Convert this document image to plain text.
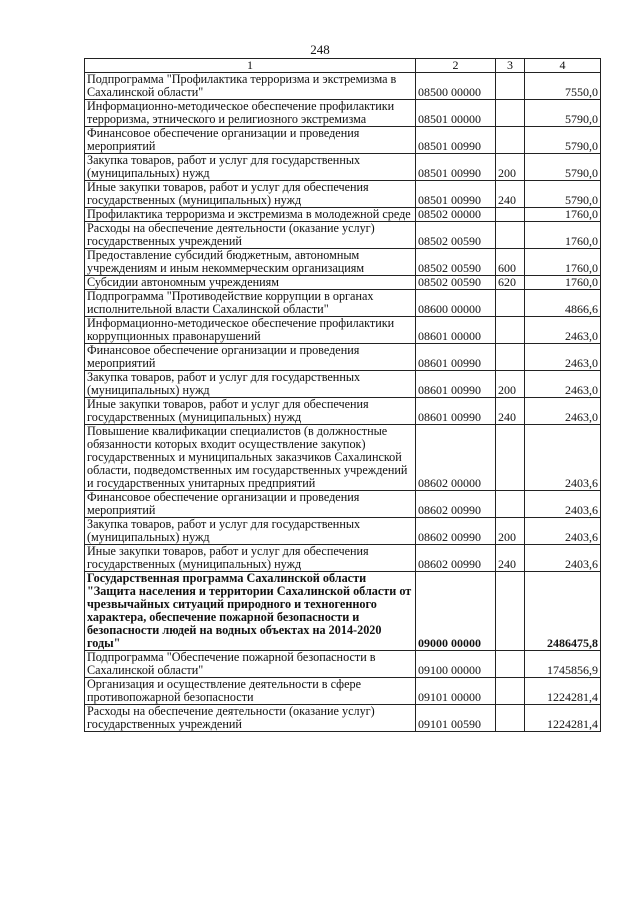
248
1	2	3	4
Подпрограмма "Профилактика терроризма и экстремизма в Сахалинской области"	08500 00000		7550,0
Информационно-методическое обеспечение профилактики терроризма, этнического и религиозного экстремизма	08501 00000		5790,0
Финансовое обеспечение организации и проведения мероприятий	08501 00990		5790,0
Закупка товаров, работ и услуг для государственных (муниципальных) нужд	08501 00990	200	5790,0
Иные закупки товаров, работ и услуг для обеспечения государственных (муниципальных) нужд	08501 00990	240	5790,0
Профилактика терроризма и экстремизма в молодежной среде	08502 00000		1760,0
Расходы на обеспечение деятельности (оказание услуг) государственных учреждений	08502 00590		1760,0
Предоставление субсидий бюджетным, автономным учреждениям и иным некоммерческим организациям	08502 00590	600	1760,0
Субсидии автономным учреждениям	08502 00590	620	1760,0
Подпрограмма "Противодействие коррупции в органах исполнительной власти Сахалинской области"	08600 00000		4866,6
Информационно-методическое обеспечение профилактики коррупционных правонарушений	08601 00000		2463,0
Финансовое обеспечение организации и проведения мероприятий	08601 00990		2463,0
Закупка товаров, работ и услуг для государственных (муниципальных) нужд	08601 00990	200	2463,0
Иные закупки товаров, работ и услуг для обеспечения государственных (муниципальных) нужд	08601 00990	240	2463,0
Повышение квалификации специалистов (в должностные обязанности которых входит осуществление закупок) государственных и муниципальных заказчиков Сахалинской области, подведомственных им государственных учреждений и государственных унитарных предприятий	08602 00000		2403,6
Финансовое обеспечение организации и проведения мероприятий	08602 00990		2403,6
Закупка товаров, работ и услуг для государственных (муниципальных) нужд	08602 00990	200	2403,6
Иные закупки товаров, работ и услуг для обеспечения государственных (муниципальных) нужд	08602 00990	240	2403,6
Государственная программа Сахалинской области "Защита населения и территории Сахалинской области от чрезвычайных ситуаций природного и техногенного характера, обеспечение пожарной безопасности и безопасности людей на водных объектах на 2014-2020 годы"	09000 00000		2486475,8
Подпрограмма "Обеспечение пожарной безопасности в Сахалинской области"	09100 00000		1745856,9
Организация и осуществление деятельности в сфере противопожарной безопасности	09101 00000		1224281,4
Расходы на обеспечение деятельности (оказание услуг) государственных учреждений	09101 00590		1224281,4
